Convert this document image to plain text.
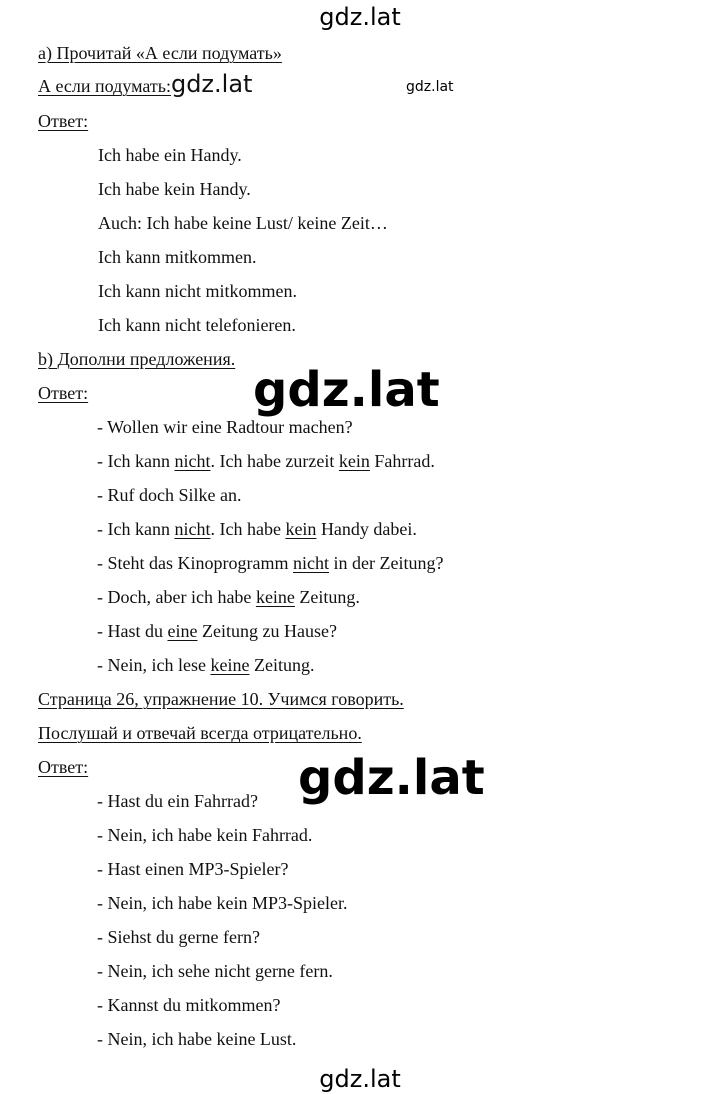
gdz.lat
gdz.lat
gdz.lat
gdz.lat
gdz.lat
а) Прочитай «А если подумать»
А если подумать:gdz.lat
Ответ:
Ich habe ein Handy.
Ich habe kein Handy.
Auch: Ich habe keine Lust/ keine Zeit…
Ich kann mitkommen.
Ich kann nicht mitkommen.
Ich kann nicht telefonieren.
b) Дополни предложения.
Ответ:
- Wollen wir eine Radtour machen?
- Ich kann nicht. Ich habe zurzeit kein Fahrrad.
- Ruf doch Silke an.
- Ich kann nicht. Ich habe kein Handy dabei.
- Steht das Kinoprogramm nicht in der Zeitung?
- Doch, aber ich habe keine Zeitung.
- Hast du eine Zeitung zu Hause?
- Nein, ich lese keine Zeitung.
Страница 26, упражнение 10. Учимся говорить.
Послушай и отвечай всегда отрицательно.
Ответ:
- Hast du ein Fahrrad?
- Nein, ich habe kein Fahrrad.
- Hast einen MP3-Spieler?
- Nein, ich habe kein MP3-Spieler.
- Siehst du gerne fern?
- Nein, ich sehe nicht gerne fern.
- Kannst du mitkommen?
- Nein, ich habe keine Lust.
